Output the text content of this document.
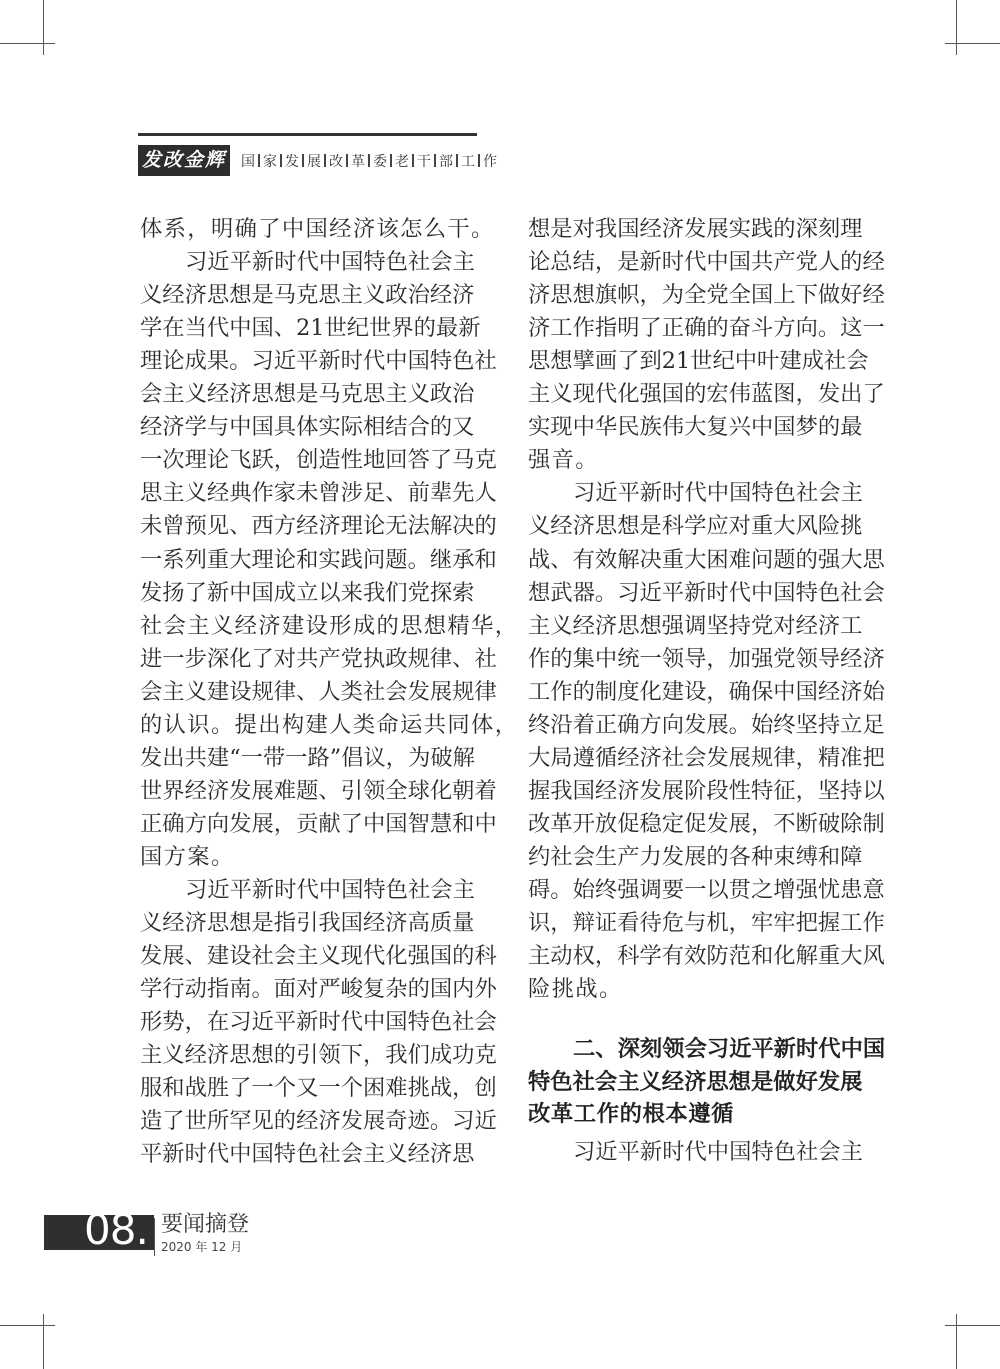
发改金辉 国 家 发 展 改 革 委 老 干 部 工 作
体系，明确了中国经济该怎么干。
习近平新时代中国特色社会主
义经济思想是马克思主义政治经济
学在当代中国、21世纪世界的最新
理论成果。习近平新时代中国特色社
会主义经济思想是马克思主义政治
经济学与中国具体实际相结合的又
一次理论飞跃，创造性地回答了马克
思主义经典作家未曾涉足、前辈先人
未曾预见、西方经济理论无法解决的
一系列重大理论和实践问题。继承和
发扬了新中国成立以来我们党探索
社会主义经济建设形成的思想精华，
进一步深化了对共产党执政规律、社
会主义建设规律、人类社会发展规律
的认识。提出构建人类命运共同体，
发出共建“一带一路”倡议，为破解
世界经济发展难题、引领全球化朝着
正确方向发展，贡献了中国智慧和中
国方案。
习近平新时代中国特色社会主
义经济思想是指引我国经济高质量
发展、建设社会主义现代化强国的科
学行动指南。面对严峻复杂的国内外
形势，在习近平新时代中国特色社会
主义经济思想的引领下，我们成功克
服和战胜了一个又一个困难挑战，创
造了世所罕见的经济发展奇迹。习近
平新时代中国特色社会主义经济思
想是对我国经济发展实践的深刻理
论总结，是新时代中国共产党人的经
济思想旗帜，为全党全国上下做好经
济工作指明了正确的奋斗方向。这一
思想擘画了到21世纪中叶建成社会
主义现代化强国的宏伟蓝图，发出了
实现中华民族伟大复兴中国梦的最
强音。
习近平新时代中国特色社会主
义经济思想是科学应对重大风险挑
战、有效解决重大困难问题的强大思
想武器。习近平新时代中国特色社会
主义经济思想强调坚持党对经济工
作的集中统一领导，加强党领导经济
工作的制度化建设，确保中国经济始
终沿着正确方向发展。始终坚持立足
大局遵循经济社会发展规律，精准把
握我国经济发展阶段性特征，坚持以
改革开放促稳定促发展，不断破除制
约社会生产力发展的各种束缚和障
碍。始终强调要一以贯之增强忧患意
识，辩证看待危与机，牢牢把握工作
主动权，科学有效防范和化解重大风
险挑战。
二、深刻领会习近平新时代中国
特色社会主义经济思想是做好发展
改革工作的根本遵循
习近平新时代中国特色社会主
08. 要闻摘登
2020 年 12 月
